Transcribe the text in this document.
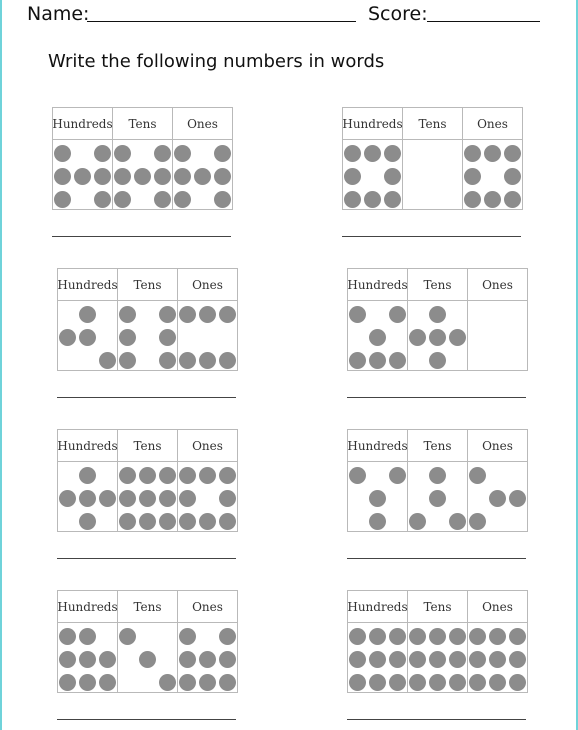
Name:	Score:
Write the following numbers in words
Hundreds	Tens	Ones	Hundreds	Tens	Ones
Hundreds	Tens	Ones	Hundreds	Tens	Ones
Hundreds	Tens	Ones	Hundreds	Tens	Ones
Hundreds	Tens	Ones	Hundreds	Tens	Ones
